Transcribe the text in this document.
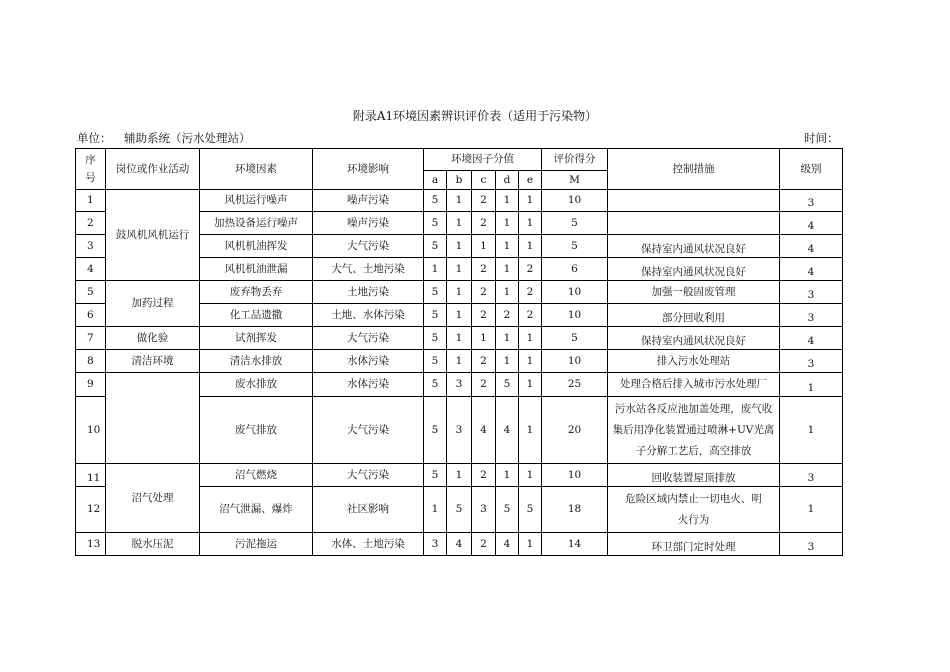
附录A1环境因素辨识评价表（适用于污染物）
单位： 辅助系统（污水处理站）	时间：
序号	岗位或作业活动	环境因素	环境影响	环境因子分值					评价得分	控制措施	级别
				a	b	c	d	e	M		
1	鼓风机风机运行	风机运行噪声	噪声污染	5	1	2	1	1	10		3
2		加热设备运行噪声	噪声污染	5	1	2	1	1	5		4
3		风机机油挥发	大气污染	5	1	1	1	1	5	保持室内通风状况良好	4
4		风机机油泄漏	大气、土地污染	1	1	2	1	2	6	保持室内通风状况良好	4
5	加药过程	废弃物丢弃	土地污染	5	1	2	1	2	10	加强一般固废管理	3
6		化工品遗撒	土地、水体污染	5	1	2	2	2	10	部分回收利用	3
7	做化验	试剂挥发	大气污染	5	1	1	1	1	5	保持室内通风状况良好	4
8	清洁环境	清洁水排放	水体污染	5	1	2	1	1	10	排入污水处理站	3
9		废水排放	水体污染	5	3	2	5	1	25	处理合格后排入城市污水处理厂	1
10		废气排放	大气污染	5	3	4	4	1	20	污水站各反应池加盖处理，废气收集后用净化装置通过喷淋+UV光离子分解工艺后，高空排放	1
11	沼气处理	沼气燃烧	大气污染	5	1	2	1	1	10	回收装置屋顶排放	3
12		沼气泄漏、爆炸	社区影响	1	5	3	5	5	18	危险区域内禁止一切电火、明火行为	1
13	脱水压泥	污泥拖运	水体、土地污染	3	4	2	4	1	14	环卫部门定时处理	3
